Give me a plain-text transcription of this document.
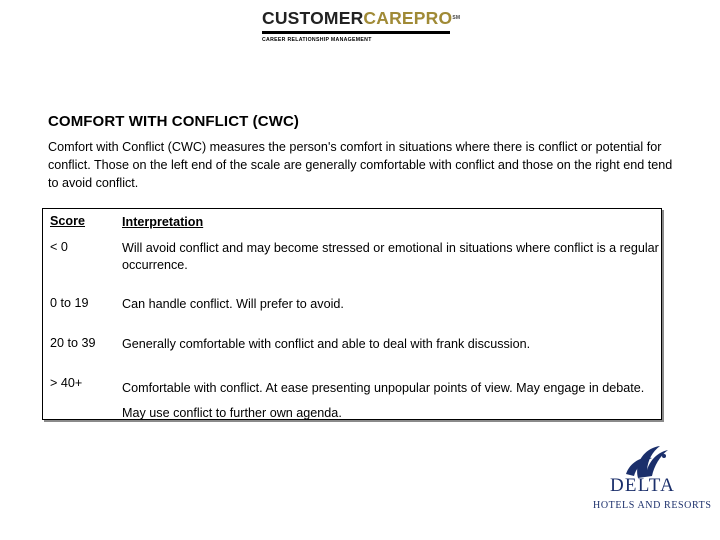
CUSTOMERCAREPRO℠
CAREER RELATIONSHIP MANAGEMENT
COMFORT WITH CONFLICT (CWC)

Comfort with Conflict (CWC) measures the person's comfort in situations where there is conflict or potential for conflict. Those on the left end of the scale are generally comfortable with conflict and those on the right end tend to avoid conflict.

Score	Interpretation
< 0	Will avoid conflict and may become stressed or emotional in situations where conflict is a regular occurrence.
0 to 19	Can handle conflict. Will prefer to avoid.
20 to 39 Generally comfortable with conflict and able to deal with frank discussion.
> 40+	Comfortable with conflict. At ease presenting unpopular points of view. May engage in debate. May use conflict to further own agenda.
DELTA
HOTELS AND RESORTS
